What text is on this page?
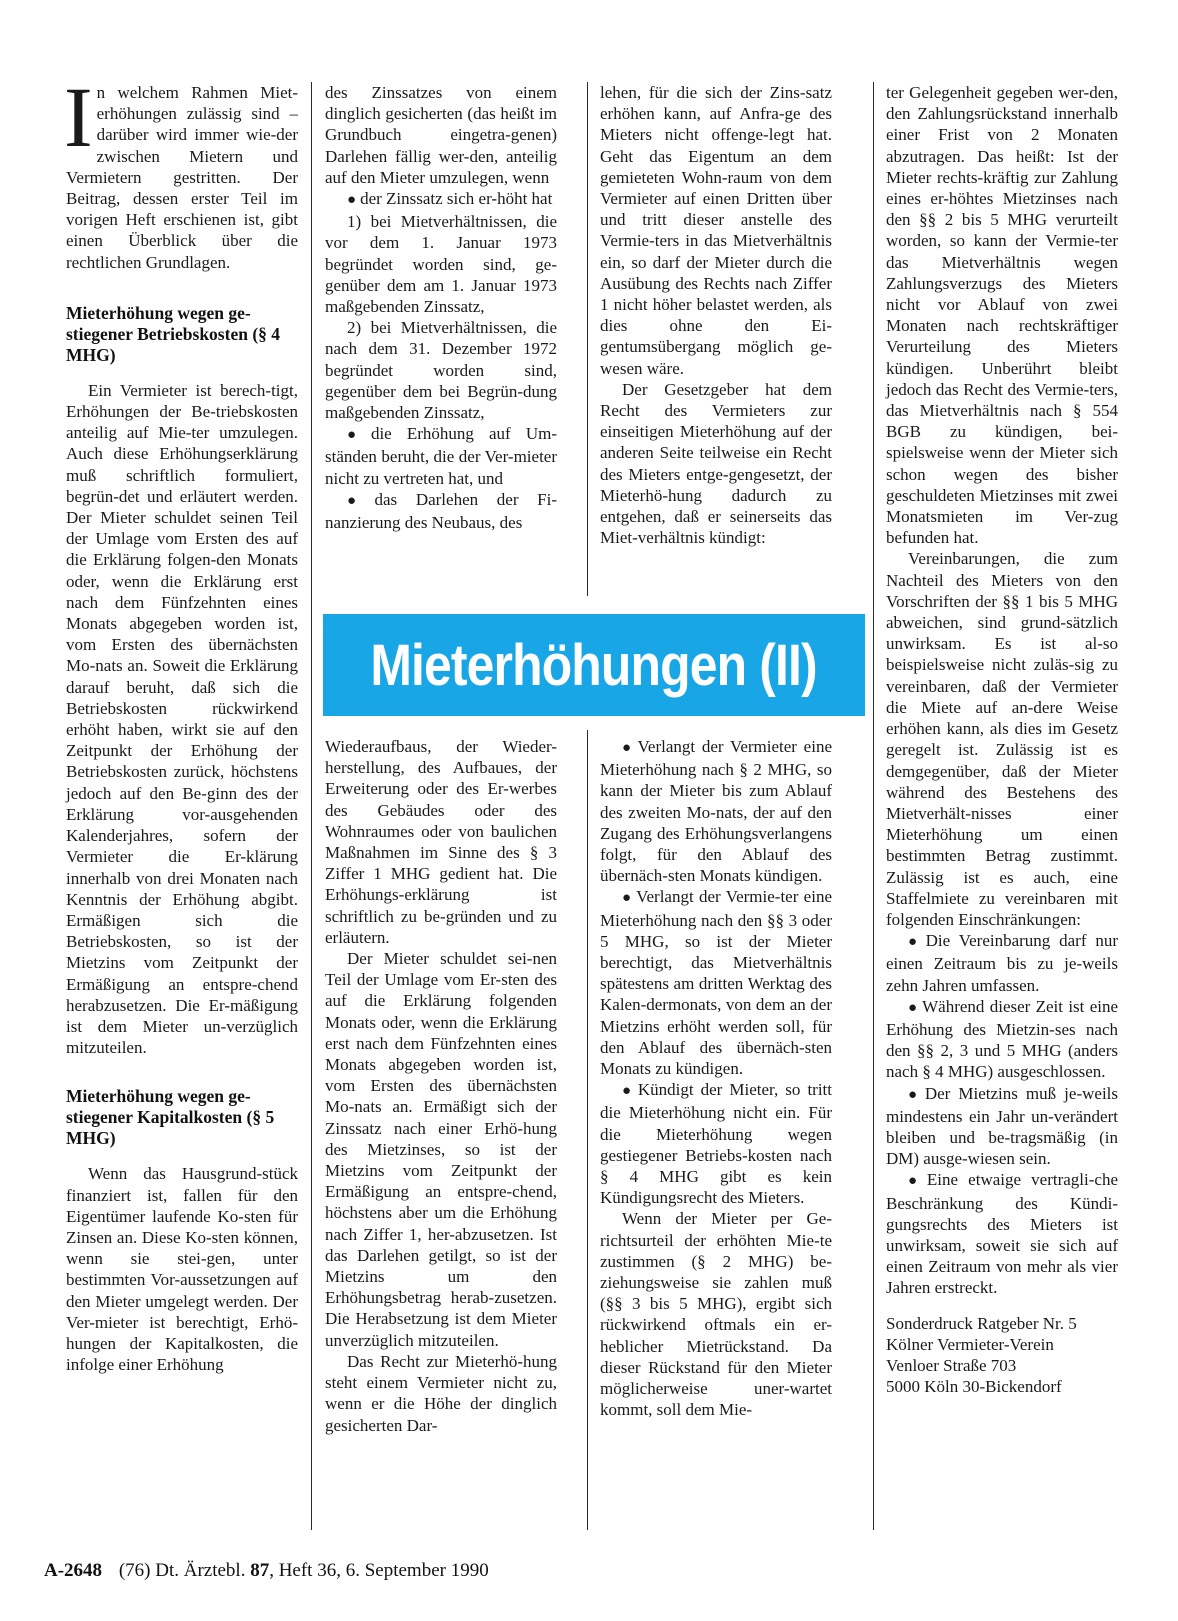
In welchem Rahmen Miet-erhöhungen zulässig sind – darüber wird immer wie-der zwischen Mietern und Vermietern gestritten. Der Beitrag, dessen erster Teil im vorigen Heft erschienen ist, gibt einen Überblick über die rechtlichen Grundlagen.

Mieterhöhung wegen ge-stiegener Betriebskosten (§ 4 MHG)

Ein Vermieter ist berech-tigt, Erhöhungen der Be-triebskosten anteilig auf Mie-ter umzulegen. Auch diese Erhöhungserklärung muß schriftlich formuliert, begrün-det und erläutert werden. Der Mieter schuldet seinen Teil der Umlage vom Ersten des auf die Erklärung folgen-den Monats oder, wenn die Erklärung erst nach dem Fünfzehnten eines Monats abgegeben worden ist, vom Ersten des übernächsten Mo-nats an. Soweit die Erklärung darauf beruht, daß sich die Betriebskosten rückwirkend erhöht haben, wirkt sie auf den Zeitpunkt der Erhöhung der Betriebskosten zurück, höchstens jedoch auf den Be-ginn des der Erklärung vor-ausgehenden Kalenderjahres, sofern der Vermieter die Er-klärung innerhalb von drei Monaten nach Kenntnis der Erhöhung abgibt. Ermäßigen sich die Betriebskosten, so ist der Mietzins vom Zeitpunkt der Ermäßigung an entspre-chend herabzusetzen. Die Er-mäßigung ist dem Mieter un-verzüglich mitzuteilen.

Mieterhöhung wegen ge-stiegener Kapitalkosten (§ 5 MHG)

Wenn das Hausgrund-stück finanziert ist, fallen für den Eigentümer laufende Ko-sten für Zinsen an. Diese Ko-sten können, wenn sie stei-gen, unter bestimmten Vor-aussetzungen auf den Mieter umgelegt werden. Der Ver-mieter ist berechtigt, Erhö-hungen der Kapitalkosten, die infolge einer Erhöhung

des Zinssatzes von einem dinglich gesicherten (das heißt im Grundbuch eingetra-genen) Darlehen fällig wer-den, anteilig auf den Mieter umzulegen, wenn

● der Zinssatz sich er-höht hat

1) bei Mietverhältnissen, die vor dem 1. Januar 1973 begründet worden sind, ge-genüber dem am 1. Januar 1973 maßgebenden Zinssatz,

2) bei Mietverhältnissen, die nach dem 31. Dezember 1972 begründet worden sind, gegenüber dem bei Begrün-dung maßgebenden Zinssatz,

● die Erhöhung auf Um-ständen beruht, die der Ver-mieter nicht zu vertreten hat, und

● das Darlehen der Fi-nanzierung des Neubaus, des

lehen, für die sich der Zins-satz erhöhen kann, auf Anfra-ge des Mieters nicht offenge-legt hat. Geht das Eigentum an dem gemieteten Wohn-raum von dem Vermieter auf einen Dritten über und tritt dieser anstelle des Vermie-ters in das Mietverhältnis ein, so darf der Mieter durch die Ausübung des Rechts nach Ziffer 1 nicht höher belastet werden, als dies ohne den Ei-gentumsübergang möglich ge-wesen wäre.

Der Gesetzgeber hat dem Recht des Vermieters zur einseitigen Mieterhöhung auf der anderen Seite teilweise ein Recht des Mieters entge-gengesetzt, der Mieterhö-hung dadurch zu entgehen, daß er seinerseits das Miet-verhältnis kündigt:

Mieterhöhungen (II)

Wiederaufbaus, der Wieder-herstellung, des Aufbaues, der Erweiterung oder des Er-werbes des Gebäudes oder des Wohnraumes oder von baulichen Maßnahmen im Sinne des § 3 Ziffer 1 MHG gedient hat. Die Erhöhungs-erklärung ist schriftlich zu be-gründen und zu erläutern.

Der Mieter schuldet sei-nen Teil der Umlage vom Er-sten des auf die Erklärung folgenden Monats oder, wenn die Erklärung erst nach dem Fünfzehnten eines Monats abgegeben worden ist, vom Ersten des übernächsten Mo-nats an. Ermäßigt sich der Zinssatz nach einer Erhö-hung des Mietzinses, so ist der Mietzins vom Zeitpunkt der Ermäßigung an entspre-chend, höchstens aber um die Erhöhung nach Ziffer 1, her-abzusetzen. Ist das Darlehen getilgt, so ist der Mietzins um den Erhöhungsbetrag herab-zusetzen. Die Herabsetzung ist dem Mieter unverzüglich mitzuteilen.

Das Recht zur Mieterhö-hung steht einem Vermieter nicht zu, wenn er die Höhe der dinglich gesicherten Dar-

● Verlangt der Vermieter eine Mieterhöhung nach § 2 MHG, so kann der Mieter bis zum Ablauf des zweiten Mo-nats, der auf den Zugang des Erhöhungsverlangens folgt, für den Ablauf des übernäch-sten Monats kündigen.

● Verlangt der Vermie-ter eine Mieterhöhung nach den §§ 3 oder 5 MHG, so ist der Mieter berechtigt, das Mietverhältnis spätestens am dritten Werktag des Kalen-dermonats, von dem an der Mietzins erhöht werden soll, für den Ablauf des übernäch-sten Monats zu kündigen.

● Kündigt der Mieter, so tritt die Mieterhöhung nicht ein. Für die Mieterhöhung wegen gestiegener Betriebs-kosten nach § 4 MHG gibt es kein Kündigungsrecht des Mieters.

Wenn der Mieter per Ge-richtsurteil der erhöhten Mie-te zustimmen (§ 2 MHG) be-ziehungsweise sie zahlen muß (§§ 3 bis 5 MHG), ergibt sich rückwirkend oftmals ein er-heblicher Mietrückstand. Da dieser Rückstand für den Mieter möglicherweise uner-wartet kommt, soll dem Mie-

ter Gelegenheit gegeben wer-den, den Zahlungsrückstand innerhalb einer Frist von 2 Monaten abzutragen. Das heißt: Ist der Mieter rechts-kräftig zur Zahlung eines er-höhtes Mietzinses nach den §§ 2 bis 5 MHG verurteilt worden, so kann der Vermie-ter das Mietverhältnis wegen Zahlungsverzugs des Mieters nicht vor Ablauf von zwei Monaten nach rechtskräftiger Verurteilung des Mieters kündigen. Unberührt bleibt jedoch das Recht des Vermie-ters, das Mietverhältnis nach § 554 BGB zu kündigen, bei-spielsweise wenn der Mieter sich schon wegen des bisher geschuldeten Mietzinses mit zwei Monatsmieten im Ver-zug befunden hat.

Vereinbarungen, die zum Nachteil des Mieters von den Vorschriften der §§ 1 bis 5 MHG abweichen, sind grund-sätzlich unwirksam. Es ist al-so beispielsweise nicht zuläs-sig zu vereinbaren, daß der Vermieter die Miete auf an-dere Weise erhöhen kann, als dies im Gesetz geregelt ist. Zulässig ist es demgegenüber, daß der Mieter während des Bestehens des Mietverhält-nisses einer Mieterhöhung um einen bestimmten Betrag zustimmt. Zulässig ist es auch, eine Staffelmiete zu vereinbaren mit folgenden Einschränkungen:

● Die Vereinbarung darf nur einen Zeitraum bis zu je-weils zehn Jahren umfassen.

● Während dieser Zeit ist eine Erhöhung des Mietzin-ses nach den §§ 2, 3 und 5 MHG (anders nach § 4 MHG) ausgeschlossen.

● Der Mietzins muß je-weils mindestens ein Jahr un-verändert bleiben und be-tragsmäßig (in DM) ausge-wiesen sein.

● Eine etwaige vertragli-che Beschränkung des Kündi-gungsrechts des Mieters ist unwirksam, soweit sie sich auf einen Zeitraum von mehr als vier Jahren erstreckt.

Sonderdruck Ratgeber Nr. 5
Kölner Vermieter-Verein
Venloer Straße 703
5000 Köln 30-Bickendorf
A-2648 (76) Dt. Ärztebl. 87, Heft 36, 6. September 1990
